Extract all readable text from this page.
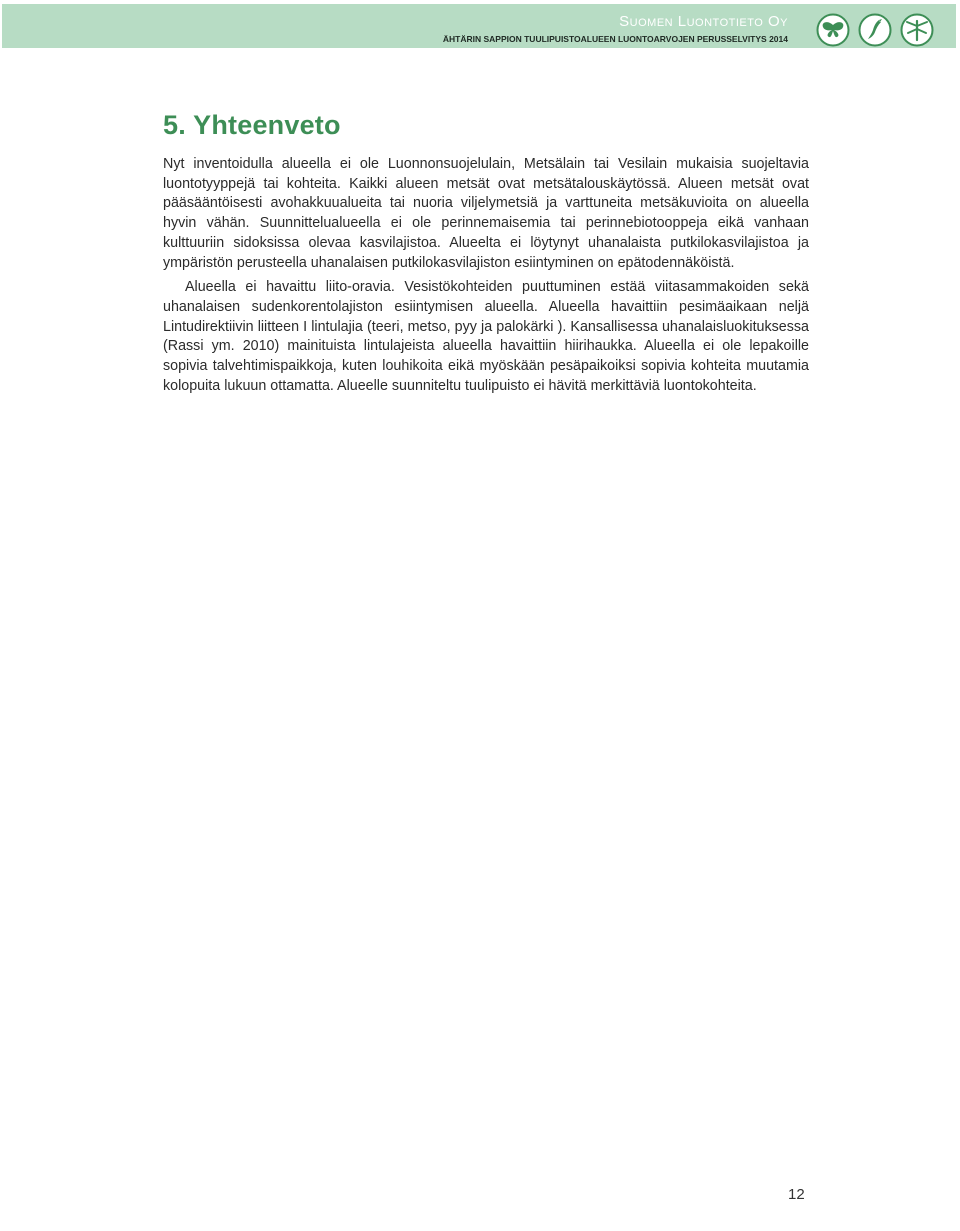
Suomen Luontotieto Oy
ÄHTÄRIN SAPPION TUULIPUISTOALUEEN LUONTOARVOJEN PERUSSELVITYS 2014
5. Yhteenveto

Nyt inventoidulla alueella ei ole Luonnonsuojelulain, Metsälain tai Vesilain mukaisia suojeltavia luontotyyppejä tai kohteita. Kaikki alueen metsät ovat metsätalouskäytössä. Alueen metsät ovat pääsääntöisesti avohakkuualueita tai nuoria viljelymetsiä ja varttuneita metsäkuvioita on alueella hyvin vähän. Suunnittelualueella ei ole perinnemaisemia tai perinnebiotooppeja eikä vanhaan kulttuuriin sidoksissa olevaa kasvilajistoa. Alueelta ei löytynyt uhanalaista putkilokasvilajistoa ja ympäristön perusteella uhanalaisen putkilokasvilajiston esiintyminen on epätodennäköistä.

Alueella ei havaittu liito-oravia. Vesistökohteiden puuttuminen estää viitasammakoiden sekä uhanalaisen sudenkorentolajiston esiintymisen alueella. Alueella havaittiin pesimäaikaan neljä Lintudirektiivin liitteen I lintulajia (teeri, metso, pyy ja palokärki ). Kansallisessa uhanalaisluokituksessa (Rassi ym. 2010) mainituista lintulajeista alueella havaittiin hiirihaukka. Alueella ei ole lepakoille sopivia talvehtimispaikkoja, kuten louhikoita eikä myöskään pesäpaikoiksi sopivia kohteita muutamia kolopuita lukuun ottamatta. Alueelle suunniteltu tuulipuisto ei hävitä merkittäviä luontokohteita.

12
